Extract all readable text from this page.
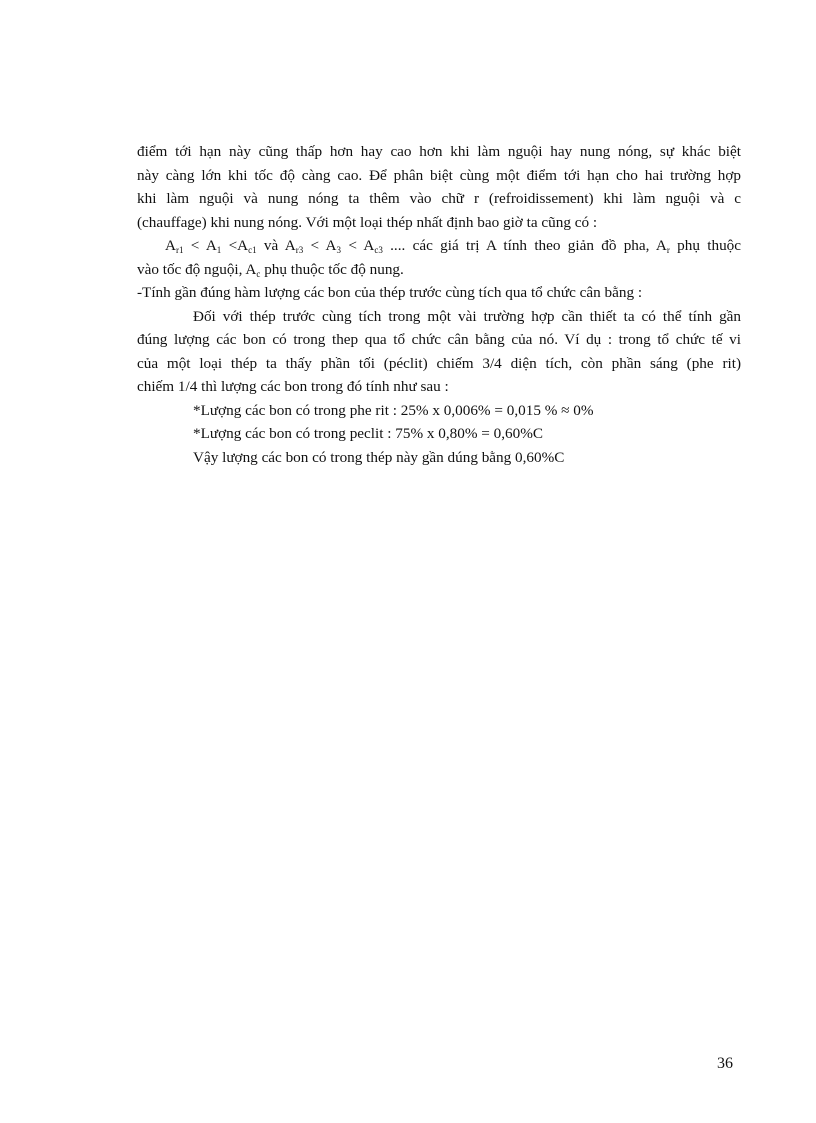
điểm tới hạn này cũng thấp hơn hay cao hơn khi làm nguội hay nung nóng, sự khác biệt
này càng lớn khi tốc độ càng cao. Để phân biệt cùng một điểm tới hạn cho hai trường hợp
khi làm nguội và nung nóng ta thêm vào chữ r (refroidissement) khi làm nguội và c
(chauffage) khi nung nóng. Với một loại thép nhất định bao giờ ta cũng có :

$A_{r1} < A_1 <A_{c1}$ và $A_{r3} < A_3 < A_{c3}$ .... các giá trị A tính theo giản đồ pha, $A_r$ phụ thuộc
vào tốc độ nguội, $A_c$ phụ thuộc tốc độ nung.

-Tính gần đúng hàm lượng các bon của thép trước cùng tích qua tổ chức cân bằng :

Đối với thép trước cùng tích trong một vài trường hợp cần thiết ta có thể tính gần
đúng lượng các bon có trong thep qua tổ chức cân bằng của nó. Ví dụ : trong tổ chức tế vi
của một loại thép ta thấy phần tối (péclit) chiếm 3/4 diện tích, còn phần sáng (phe rit)
chiếm 1/4 thì lượng các bon trong đó tính như sau :

*Lượng các bon có trong phe rit : 25% x 0,006% = 0,015 % ≈ 0%
*Lượng các bon có trong peclit : 75% x 0,80% = 0,60%C
Vậy lượng các bon có trong thép này gần dúng bằng 0,60%C

36
